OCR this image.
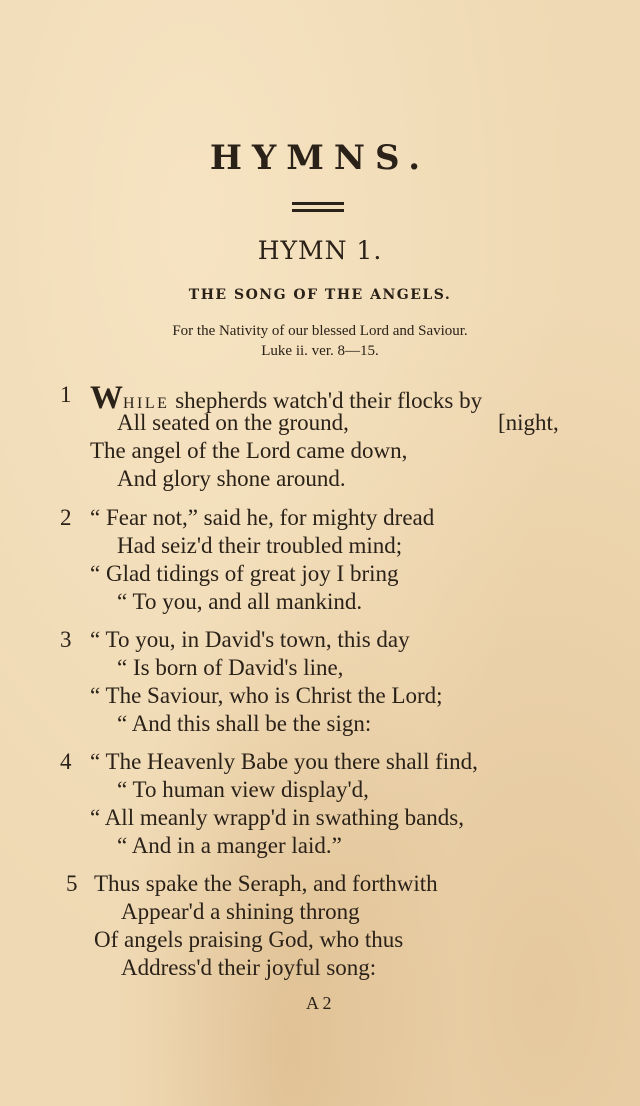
HYMNS.
HYMN 1.
THE SONG OF THE ANGELS.
For the Nativity of our blessed Lord and Saviour.
Luke ii. ver. 8—15.
1 WHILE shepherds watch'd their flocks by
All seated on the ground,	[night,
The angel of the Lord came down,
And glory shone around.
2 “ Fear not,” said he, for mighty dread
Had seiz'd their troubled mind;
“ Glad tidings of great joy I bring
“ To you, and all mankind.
3 “ To you, in David's town, this day
“ Is born of David's line,
“ The Saviour, who is Christ the Lord;
“ And this shall be the sign:
4 “ The Heavenly Babe you there shall find,
“ To human view display'd,
“ All meanly wrapp'd in swathing bands,
“ And in a manger laid.”
5 Thus spake the Seraph, and forthwith
Appear'd a shining throng
Of angels praising God, who thus
Address'd their joyful song:
A 2
